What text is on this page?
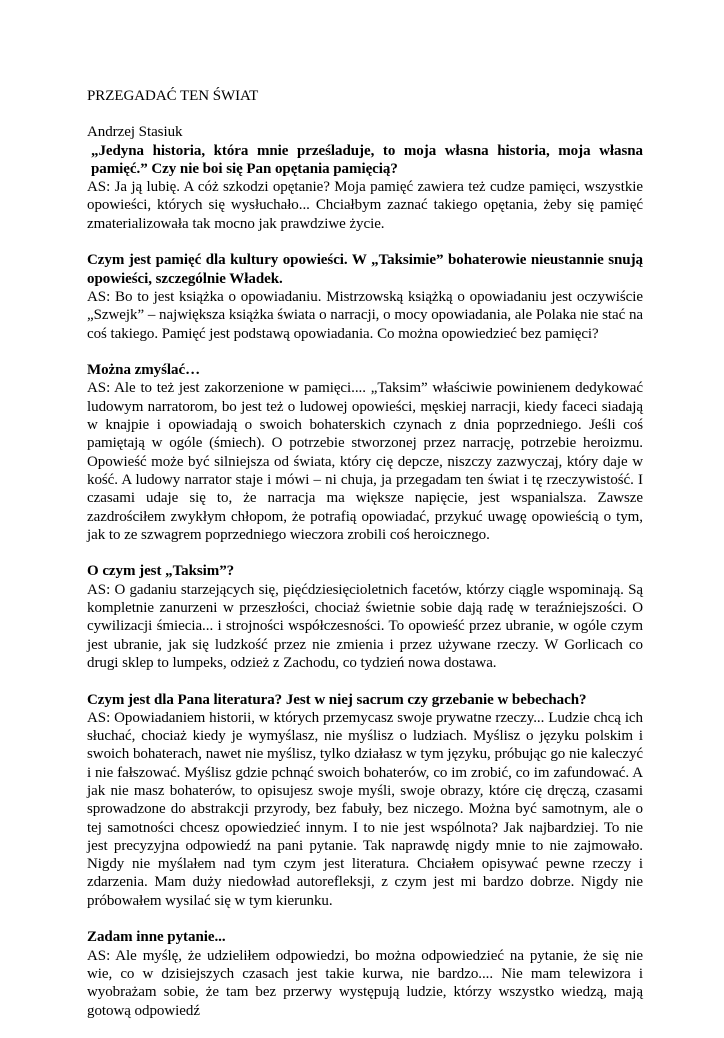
PRZEGADAĆ TEN ŚWIAT

Andrzej Stasiuk

„Jedyna historia, która mnie prześladuje, to moja własna historia, moja własna pamięć.” Czy nie boi się Pan opętania pamięcią?

AS: Ja ją lubię. A cóż szkodzi opętanie? Moja pamięć zawiera też cudze pamięci, wszystkie opowieści, których się wysłuchało... Chciałbym zaznać takiego opętania, żeby się pamięć zmaterializowała tak mocno jak prawdziwe życie.

Czym jest pamięć dla kultury opowieści. W „Taksimie” bohaterowie nieustannie snują opowieści, szczególnie Władek.

AS: Bo to jest książka o opowiadaniu. Mistrzowską książką o opowiadaniu jest oczywiście „Szwejk” – największa książka świata o narracji, o mocy opowiadania, ale Polaka nie stać na coś takiego. Pamięć jest podstawą opowiadania. Co można opowiedzieć bez pamięci?

Można zmyślać…

AS: Ale to też jest zakorzenione w pamięci.... „Taksim” właściwie powinienem dedykować ludowym narratorom, bo jest też o ludowej opowieści, męskiej narracji, kiedy faceci siadają w knajpie i opowiadają o swoich bohaterskich czynach z dnia poprzedniego. Jeśli coś pamiętają w ogóle (śmiech). O potrzebie stworzonej przez narrację, potrzebie heroizmu. Opowieść może być silniejsza od świata, który cię depcze, niszczy zazwyczaj, który daje w kość. A ludowy narrator staje i mówi – ni chuja, ja przegadam ten świat i tę rzeczywistość. I czasami udaje się to, że narracja ma większe napięcie, jest wspanialsza. Zawsze zazdrościłem zwykłym chłopom, że potrafią opowiadać, przykuć uwagę opowieścią o tym, jak to ze szwagrem poprzedniego wieczora zrobili coś heroicznego.

O czym jest „Taksim”?

AS: O gadaniu starzejących się, pięćdziesięcioletnich facetów, którzy ciągle wspominają. Są kompletnie zanurzeni w przeszłości, chociaż świetnie sobie dają radę w teraźniejszości. O cywilizacji śmiecia... i strojności współczesności. To opowieść przez ubranie, w ogóle czym jest ubranie, jak się ludzkość przez nie zmienia i przez używane rzeczy. W Gorlicach co drugi sklep to lumpeks, odzież z Zachodu, co tydzień nowa dostawa.

Czym jest dla Pana literatura? Jest w niej sacrum czy grzebanie w bebechach?

AS: Opowiadaniem historii, w których przemycasz swoje prywatne rzeczy... Ludzie chcą ich słuchać, chociaż kiedy je wymyślasz, nie myślisz o ludziach. Myślisz o języku polskim i swoich bohaterach, nawet nie myślisz, tylko działasz w tym języku, próbując go nie kaleczyć i nie fałszować. Myślisz gdzie pchnąć swoich bohaterów, co im zrobić, co im zafundować. A jak nie masz bohaterów, to opisujesz swoje myśli, swoje obrazy, które cię dręczą, czasami sprowadzone do abstrakcji przyrody, bez fabuły, bez niczego. Można być samotnym, ale o tej samotności chcesz opowiedzieć innym. I to nie jest wspólnota? Jak najbardziej. To nie jest precyzyjna odpowiedź na pani pytanie. Tak naprawdę nigdy mnie to nie zajmowało. Nigdy nie myślałem nad tym czym jest literatura. Chciałem opisywać pewne rzeczy i zdarzenia. Mam duży niedowład autorefleksji, z czym jest mi bardzo dobrze. Nigdy nie próbowałem wysilać się w tym kierunku.

Zadam inne pytanie...

AS: Ale myślę, że udzieliłem odpowiedzi, bo można odpowiedzieć na pytanie, że się nie wie, co w dzisiejszych czasach jest takie kurwa, nie bardzo.... Nie mam telewizora i wyobrażam sobie, że tam bez przerwy występują ludzie, którzy wszystko wiedzą, mają gotową odpowiedź
